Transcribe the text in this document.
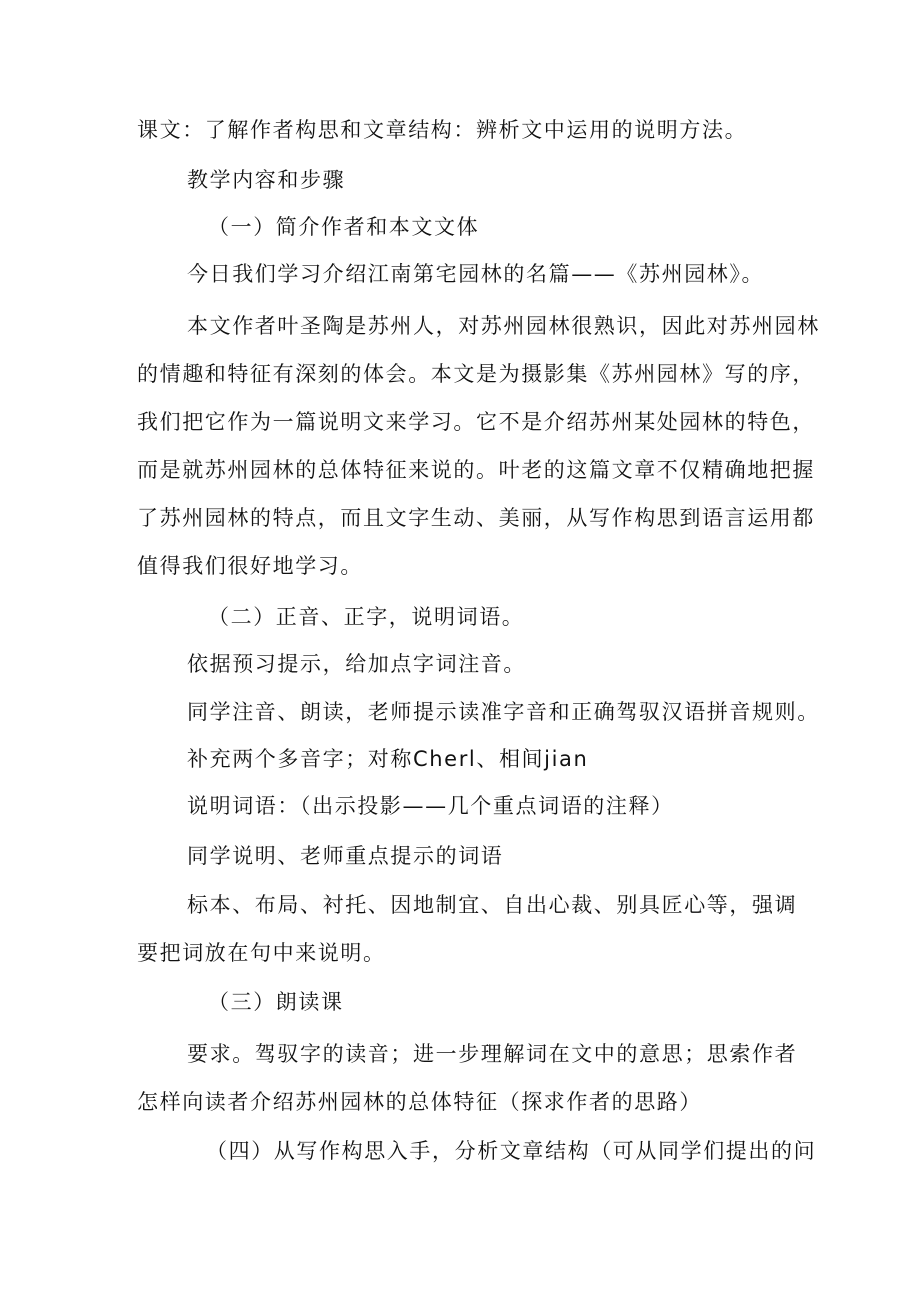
课文：了解作者构思和文章结构：辨析文中运用的说明方法。
教学内容和步骤
（一）简介作者和本文文体
今日我们学习介绍江南第宅园林的名篇——《苏州园林》。
本文作者叶圣陶是苏州人，对苏州园林很熟识，因此对苏州园林
的情趣和特征有深刻的体会。本文是为摄影集《苏州园林》写的序，
我们把它作为一篇说明文来学习。它不是介绍苏州某处园林的特色，
而是就苏州园林的总体特征来说的。叶老的这篇文章不仅精确地把握
了苏州园林的特点，而且文字生动、美丽，从写作构思到语言运用都
值得我们很好地学习。
（二）正音、正字，说明词语。
依据预习提示，给加点字词注音。
同学注音、朗读，老师提示读准字音和正确驾驭汉语拼音规则。
补充两个多音字；对称Cherl、相间jian
说明词语：（出示投影——几个重点词语的注释）
同学说明、老师重点提示的词语
标本、布局、衬托、因地制宜、自出心裁、别具匠心等，强调
要把词放在句中来说明。
（三）朗读课
要求。驾驭字的读音；进一步理解词在文中的意思；思索作者
怎样向读者介绍苏州园林的总体特征（探求作者的思路）
（四）从写作构思入手，分析文章结构（可从同学们提出的问
